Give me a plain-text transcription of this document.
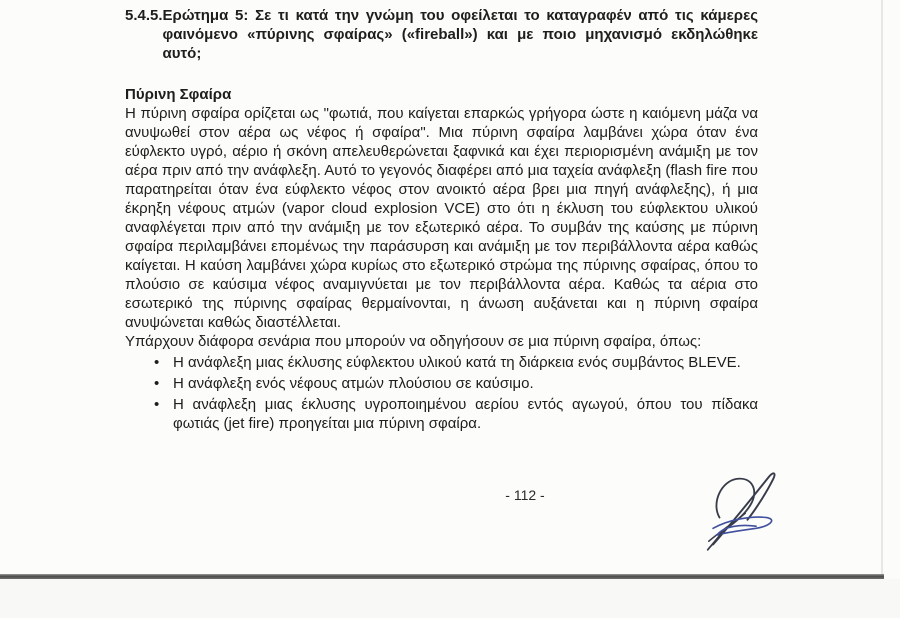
5.4.5. Ερώτημα 5: Σε τι κατά την γνώμη του οφείλεται το καταγραφέν από τις κάμερες φαινόμενο «πύρινης σφαίρας» («fireball») και με ποιο μηχανισμό εκδηλώθηκε αυτό;
Πύρινη Σφαίρα

Η πύρινη σφαίρα ορίζεται ως "φωτιά, που καίγεται επαρκώς γρήγορα ώστε η καιόμενη μάζα να ανυψωθεί στον αέρα ως νέφος ή σφαίρα". Μια πύρινη σφαίρα λαμβάνει χώρα όταν ένα εύφλεκτο υγρό, αέριο ή σκόνη απελευθερώνεται ξαφνικά και έχει περιορισμένη ανάμιξη με τον αέρα πριν από την ανάφλεξη. Αυτό το γεγονός διαφέρει από μια ταχεία ανάφλεξη (flash fire που παρατηρείται όταν ένα εύφλεκτο νέφος στον ανοικτό αέρα βρει μια πηγή ανάφλεξης), ή μια έκρηξη νέφους ατμών (vapor cloud explosion VCE) στο ότι η έκλυση του εύφλεκτου υλικού αναφλέγεται πριν από την ανάμιξη με τον εξωτερικό αέρα. Το συμβάν της καύσης με πύρινη σφαίρα περιλαμβάνει επομένως την παράσυρση και ανάμιξη με τον περιβάλλοντα αέρα καθώς καίγεται. Η καύση λαμβάνει χώρα κυρίως στο εξωτερικό στρώμα της πύρινης σφαίρας, όπου το πλούσιο σε καύσιμα νέφος αναμιγνύεται με τον περιβάλλοντα αέρα. Καθώς τα αέρια στο εσωτερικό της πύρινης σφαίρας θερμαίνονται, η άνωση αυξάνεται και η πύρινη σφαίρα ανυψώνεται καθώς διαστέλλεται.

Υπάρχουν διάφορα σενάρια που μπορούν να οδηγήσουν σε μια πύρινη σφαίρα, όπως:

• Η ανάφλεξη μιας έκλυσης εύφλεκτου υλικού κατά τη διάρκεια ενός συμβάντος BLEVE.
• Η ανάφλεξη ενός νέφους ατμών πλούσιου σε καύσιμο.
• Η ανάφλεξη μιας έκλυσης υγροποιημένου αερίου εντός αγωγού, όπου του πίδακα φωτιάς (jet fire) προηγείται μια πύρινη σφαίρα.
- 112 -
